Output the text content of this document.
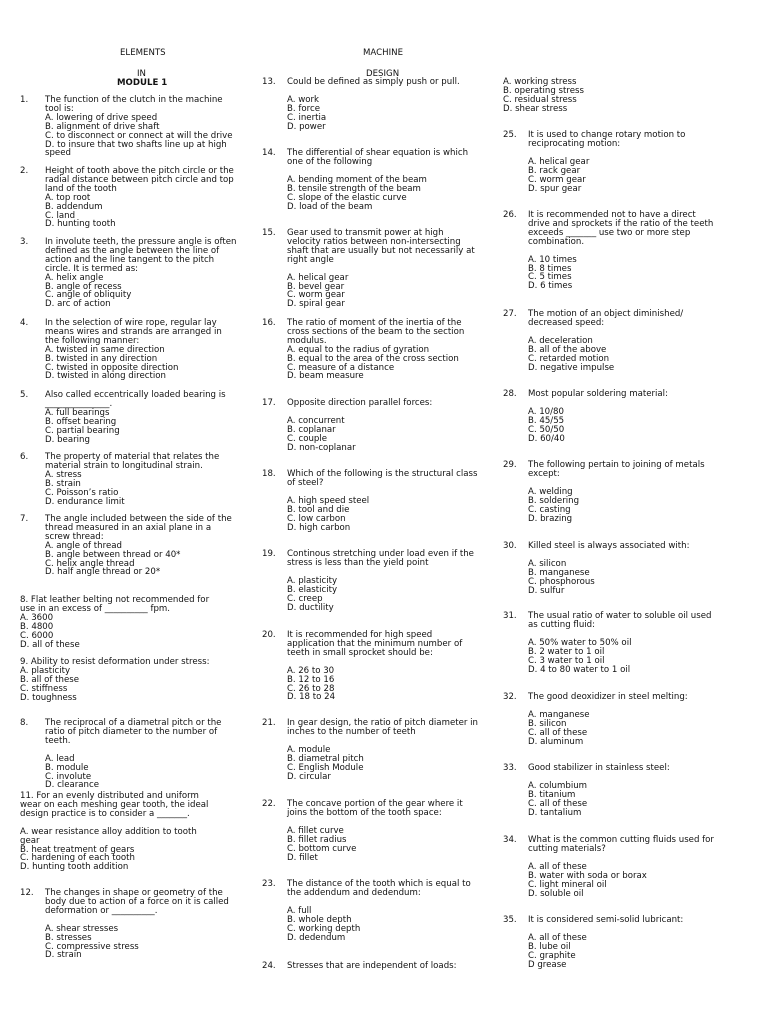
ELEMENTS	MACHINE
IN	DESIGN
MODULE 1
1. The function of the clutch in the machine
tool is:
A. lowering of drive speed
B. alignment of drive shaft
C. to disconnect or connect at will the drive
D. to insure that two shafts line up at high
speed
2. Height of tooth above the pitch circle or the
radial distance between pitch circle and top
land of the tooth
A. top root
B. addendum
C. land
D. hunting tooth
3. In involute teeth, the pressure angle is often
defined as the angle between the line of
action and the line tangent to the pitch
circle. It is termed as:
A. helix angle
B. angle of recess
C. angle of obliquity
D. arc of action
4. In the selection of wire rope, regular lay
means wires and strands are arranged in
the following manner:
A. twisted in same direction
B. twisted in any direction
C. twisted in opposite direction
D. twisted in along direction
5. Also called eccentrically loaded bearing is
_______________.
A. full bearings
B. offset bearing
C. partial bearing
D. bearing
6. The property of material that relates the
material strain to longitudinal strain.
A. stress
B. strain
C. Poisson’s ratio
D. endurance limit
7. The angle included between the side of the
thread measured in an axial plane in a
screw thread:
A. angle of thread
B. angle between thread or 40*
C. helix angle thread
D. half angle thread or 20*
8. Flat leather belting not recommended for
use in an excess of __________ fpm.
A. 3600
B. 4800
C. 6000
D. all of these
9. Ability to resist deformation under stress:
A. plasticity
B. all of these
C. stiffness
D. toughness
8. The reciprocal of a diametral pitch or the
ratio of pitch diameter to the number of
teeth.
A. lead
B. module
C. involute
D. clearance
11. For an evenly distributed and uniform
wear on each meshing gear tooth, the ideal
design practice is to consider a _______.
A. wear resistance alloy addition to tooth
gear
B. heat treatment of gears
C. hardening of each tooth
D. hunting tooth addition
12. The changes in shape or geometry of the
body due to action of a force on it is called
deformation or __________.
A. shear stresses
B. stresses
C. compressive stress
D. strain
13. Could be defined as simply push or pull.
A. work
B. force
C. inertia
D. power
14. The differential of shear equation is which
one of the following
A. bending moment of the beam
B. tensile strength of the beam
C. slope of the elastic curve
D. load of the beam
15. Gear used to transmit power at high
velocity ratios between non-intersecting
shaft that are usually but not necessarily at
right angle
A. helical gear
B. bevel gear
C. worm gear
D. spiral gear
16. The ratio of moment of the inertia of the
cross sections of the beam to the section
modulus.
A. equal to the radius of gyration
B. equal to the area of the cross section
C. measure of a distance
D. beam measure
17. Opposite direction parallel forces:
A. concurrent
B. coplanar
C. couple
D. non-coplanar
18. Which of the following is the structural class
of steel?
A. high speed steel
B. tool and die
C. low carbon
D. high carbon
19. Continous stretching under load even if the
stress is less than the yield point
A. plasticity
B. elasticity
C. creep
D. ductility
20. It is recommended for high speed
application that the minimum number of
teeth in small sprocket should be:
A. 26 to 30
B. 12 to 16
C. 26 to 28
D. 18 to 24
21. In gear design, the ratio of pitch diameter in
inches to the number of teeth
A. module
B. diametral pitch
C. English Module
D. circular
22. The concave portion of the gear where it
joins the bottom of the tooth space:
A. fillet curve
B. fillet radius
C. bottom curve
D. fillet
23. The distance of the tooth which is equal to
the addendum and dedendum:
A. full
B. whole depth
C. working depth
D. dedendum
24. Stresses that are independent of loads:
A. working stress
B. operating stress
C. residual stress
D. shear stress
25. It is used to change rotary motion to
reciprocating motion:
A. helical gear
B. rack gear
C. worm gear
D. spur gear
26. It is recommended not to have a direct
drive and sprockets if the ratio of the teeth
exceeds _______ use two or more step
combination.
A. 10 times
B. 8 times
C. 5 times
D. 6 times
27. The motion of an object diminished/
decreased speed:
A. deceleration
B. all of the above
C. retarded motion
D. negative impulse
28. Most popular soldering material:
A. 10/80
B. 45/55
C. 50/50
D. 60/40
29. The following pertain to joining of metals
except:
A. welding
B. soldering
C. casting
D. brazing
30. Killed steel is always associated with:
A. silicon
B. manganese
C. phosphorous
D. sulfur
31. The usual ratio of water to soluble oil used
as cutting fluid:
A. 50% water to 50% oil
B. 2 water to 1 oil
C. 3 water to 1 oil
D. 4 to 80 water to 1 oil
32. The good deoxidizer in steel melting:
A. manganese
B. silicon
C. all of these
D. aluminum
33. Good stabilizer in stainless steel:
A. columbium
B. titanium
C. all of these
D. tantalium
34. What is the common cutting fluids used for
cutting materials?
A. all of these
B. water with soda or borax
C. light mineral oil
D. soluble oil
35. It is considered semi-solid lubricant:
A. all of these
B. lube oil
C. graphite
D grease
